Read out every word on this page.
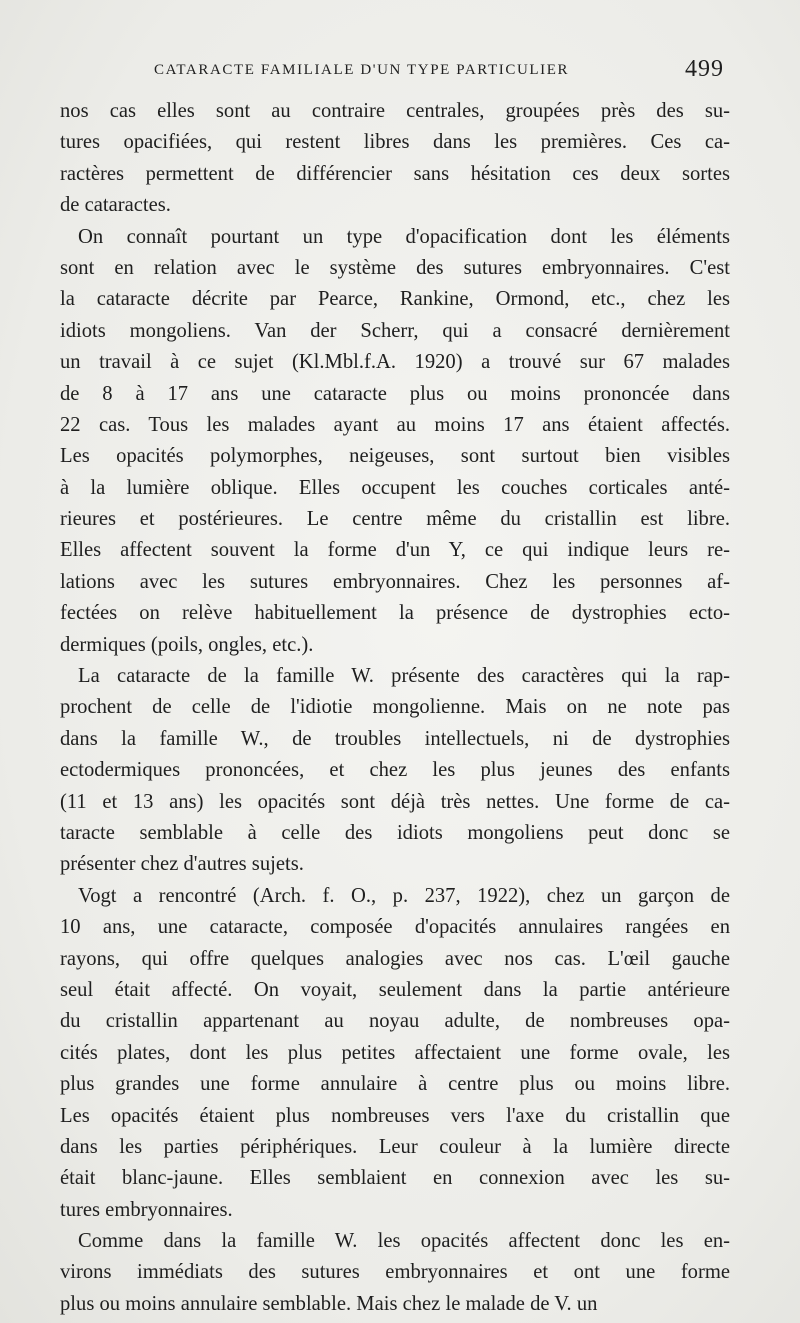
CATARACTE FAMILIALE D'UN TYPE PARTICULIER	499
nos cas elles sont au contraire centrales, groupées près des su-
tures opacifiées, qui restent libres dans les premières. Ces ca-
ractères permettent de différencier sans hésitation ces deux sortes
de cataractes.
On connaît pourtant un type d'opacification dont les éléments
sont en relation avec le système des sutures embryonnaires. C'est
la cataracte décrite par Pearce, Rankine, Ormond, etc., chez les
idiots mongoliens. Van der Scherr, qui a consacré dernièrement
un travail à ce sujet (Kl.Mbl.f.A. 1920) a trouvé sur 67 malades
de 8 à 17 ans une cataracte plus ou moins prononcée dans
22 cas. Tous les malades ayant au moins 17 ans étaient affectés.
Les opacités polymorphes, neigeuses, sont surtout bien visibles
à la lumière oblique. Elles occupent les couches corticales anté-
rieures et postérieures. Le centre même du cristallin est libre.
Elles affectent souvent la forme d'un Y, ce qui indique leurs re-
lations avec les sutures embryonnaires. Chez les personnes af-
fectées on relève habituellement la présence de dystrophies ecto-
dermiques (poils, ongles, etc.).
La cataracte de la famille W. présente des caractères qui la rap-
prochent de celle de l'idiotie mongolienne. Mais on ne note pas
dans la famille W., de troubles intellectuels, ni de dystrophies
ectodermiques prononcées, et chez les plus jeunes des enfants
(11 et 13 ans) les opacités sont déjà très nettes. Une forme de ca-
taracte semblable à celle des idiots mongoliens peut donc se
présenter chez d'autres sujets.
Vogt a rencontré (Arch. f. O., p. 237, 1922), chez un garçon de
10 ans, une cataracte, composée d'opacités annulaires rangées en
rayons, qui offre quelques analogies avec nos cas. L'œil gauche
seul était affecté. On voyait, seulement dans la partie antérieure
du cristallin appartenant au noyau adulte, de nombreuses opa-
cités plates, dont les plus petites affectaient une forme ovale, les
plus grandes une forme annulaire à centre plus ou moins libre.
Les opacités étaient plus nombreuses vers l'axe du cristallin que
dans les parties périphériques. Leur couleur à la lumière directe
était blanc-jaune. Elles semblaient en connexion avec les su-
tures embryonnaires.
Comme dans la famille W. les opacités affectent donc les en-
virons immédiats des sutures embryonnaires et ont une forme
plus ou moins annulaire semblable. Mais chez le malade de V. un
